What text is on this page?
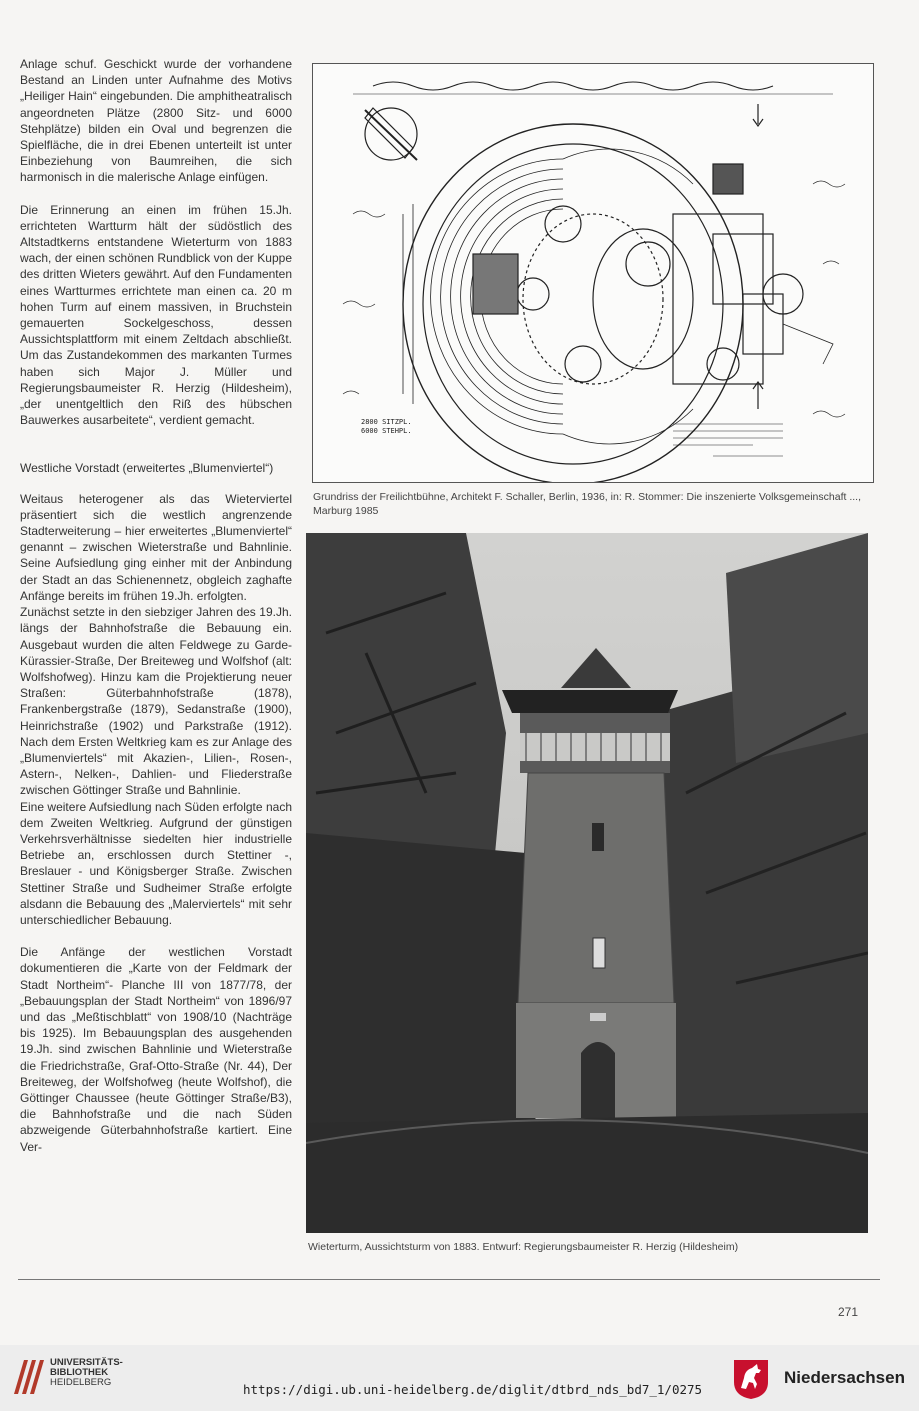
Anlage schuf. Geschickt wurde der vorhandene Bestand an Linden unter Aufnahme des Motivs „Heiliger Hain“ eingebunden. Die amphitheatralisch angeordneten Plätze (2800 Sitz- und 6000 Stehplätze) bilden ein Oval und begrenzen die Spielfläche, die in drei Ebenen unterteilt ist unter Einbeziehung von Baumreihen, die sich harmonisch in die malerische Anlage einfügen.

Die Erinnerung an einen im frühen 15.Jh. errichteten Wartturm hält der südöstlich des Altstadtkerns entstandene Wieterturm von 1883 wach, der einen schönen Rundblick von der Kuppe des dritten Wieters gewährt. Auf den Fundamenten eines Wartturmes errichtete man einen ca. 20 m hohen Turm auf einem massiven, in Bruchstein gemauerten Sockelgeschoss, dessen Aussichtsplattform mit einem Zeltdach abschließt. Um das Zustandekommen des markanten Turmes haben sich Major J. Müller und Regierungsbaumeister R. Herzig (Hildesheim), „der unentgeltlich den Riß des hübschen Bauwerkes ausarbeitete“, verdient gemacht.

Westliche Vorstadt (erweitertes „Blumenviertel“)

Weitaus heterogener als das Wieterviertel präsentiert sich die westlich angrenzende Stadterweiterung – hier erweitertes „Blumenviertel“ genannt – zwischen Wieterstraße und Bahnlinie. Seine Aufsiedlung ging einher mit der Anbindung der Stadt an das Schienennetz, obgleich zaghafte Anfänge bereits im frühen 19.Jh. erfolgten.

Zunächst setzte in den siebziger Jahren des 19.Jh. längs der Bahnhofstraße die Bebauung ein. Ausgebaut wurden die alten Feldwege zu Garde-Kürassier-Straße, Der Breiteweg und Wolfshof (alt: Wolfshofweg). Hinzu kam die Projektierung neuer Straßen: Güterbahnhofstraße (1878), Frankenbergstraße (1879), Sedanstraße (1900), Heinrichstraße (1902) und Parkstraße (1912). Nach dem Ersten Weltkrieg kam es zur Anlage des „Blumenviertels“ mit Akazien-, Lilien-, Rosen-, Astern-, Nelken-, Dahlien- und Fliederstraße zwischen Göttinger Straße und Bahnlinie.

Eine weitere Aufsiedlung nach Süden erfolgte nach dem Zweiten Weltkrieg. Aufgrund der günstigen Verkehrsverhältnisse siedelten hier industrielle Betriebe an, erschlossen durch Stettiner -, Breslauer - und Königsberger Straße. Zwischen Stettiner Straße und Sudheimer Straße erfolgte alsdann die Bebauung des „Malerviertels“ mit sehr unterschiedlicher Bebauung.

Die Anfänge der westlichen Vorstadt dokumentieren die „Karte von der Feldmark der Stadt Northeim“- Planche III von 1877/78, der „Bebauungsplan der Stadt Northeim“ von 1896/97 und das „Meßtischblatt“ von 1908/10 (Nachträge bis 1925). Im Bebauungsplan des ausgehenden 19.Jh. sind zwischen Bahnlinie und Wieterstraße die Friedrichstraße, Graf-Otto-Straße (Nr. 44), Der Breiteweg, der Wolfshofweg (heute Wolfshof), die Göttinger Chaussee (heute Göttinger Straße/B3), die Bahnhofstraße und die nach Süden abzweigende Güterbahnhofstraße kartiert. Eine Ver-

2800 SITZPL.
6000 STEHPL.
Grundriss der Freilichtbühne, Architekt F. Schaller, Berlin, 1936, in: R. Stommer: Die inszenierte Volksgemeinschaft ..., Marburg 1985
Wieterturm, Aussichtsturm von 1883. Entwurf: Regierungsbaumeister R. Herzig (Hildesheim)
271
UNIVERSITÄTS-
BIBLIOTHEK
HEIDELBERG	https://digi.ub.uni-heidelberg.de/diglit/dtbrd_nds_bd7_1/0275
Niedersachsen
